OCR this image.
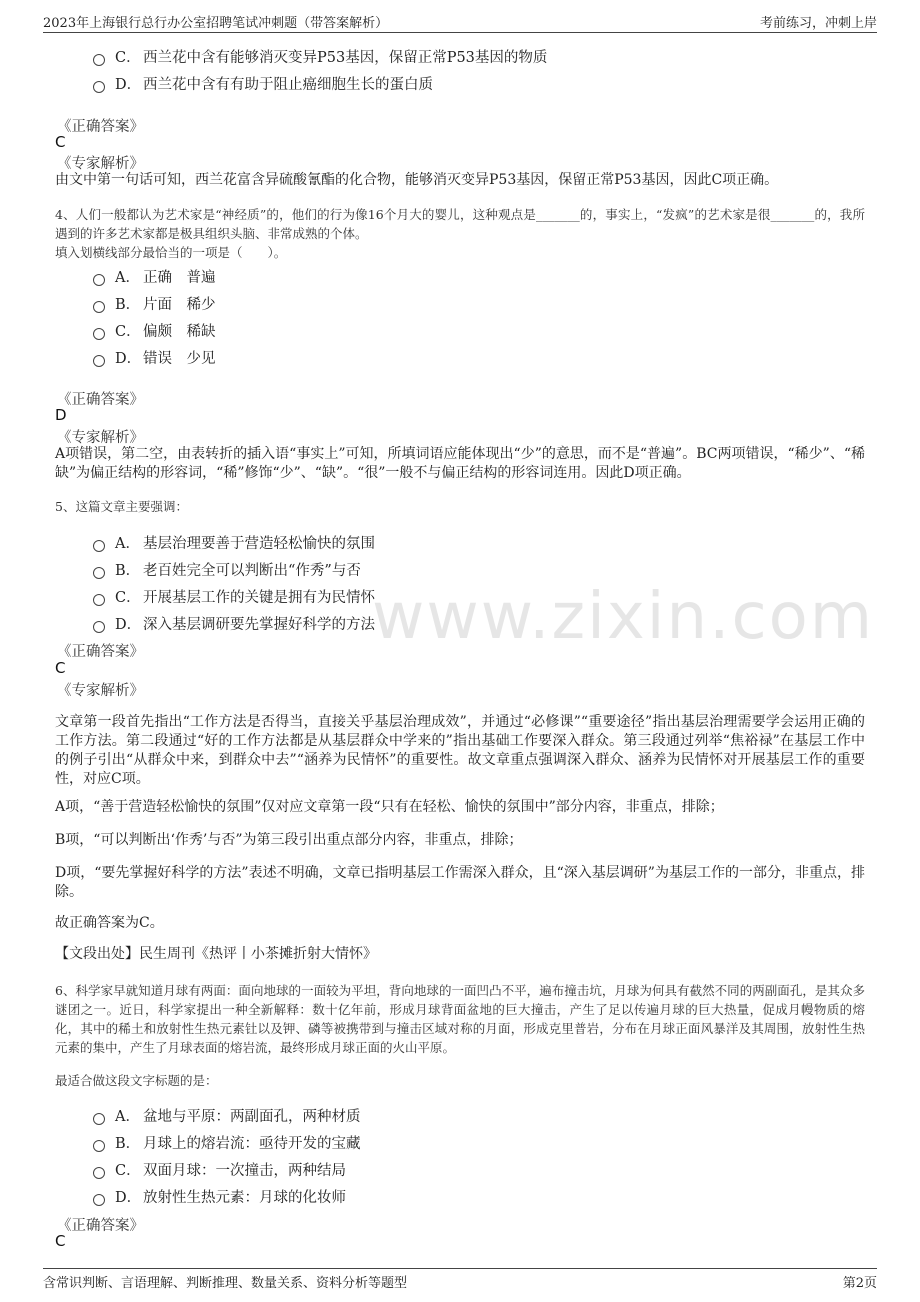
2023年上海银行总行办公室招聘笔试冲刺题（带答案解析）	考前练习，冲刺上岸
www.zixin.com
C． 西兰花中含有能够消灭变异P53基因，保留正常P53基因的物质
D． 西兰花中含有有助于阻止癌细胞生长的蛋白质
《正确答案》
C
《专家解析》
由文中第一句话可知，西兰花富含异硫酸氰酯的化合物，能够消灭变异P53基因，保留正常P53基因，因此C项正确。
4、人们一般都认为艺术家是“神经质”的，他们的行为像16个月大的婴儿，这种观点是_______的，事实上，“发疯”的艺术家是很_______的，我所遇到的许多艺术家都是极具组织头脑、非常成熟的个体。
填入划横线部分最恰当的一项是（　　）。
A． 正确　普遍
B． 片面　稀少
C． 偏颇　稀缺
D． 错误　少见
《正确答案》
D
《专家解析》
A项错误，第二空，由表转折的插入语“事实上”可知，所填词语应能体现出“少”的意思，而不是“普遍”。BC两项错误，“稀少”、“稀缺”为偏正结构的形容词，“稀”修饰“少”、“缺”。“很”一般不与偏正结构的形容词连用。因此D项正确。
5、这篇文章主要强调：
A． 基层治理要善于营造轻松愉快的氛围
B． 老百姓完全可以判断出“作秀”与否
C． 开展基层工作的关键是拥有为民情怀
D． 深入基层调研要先掌握好科学的方法
《正确答案》
C
《专家解析》
文章第一段首先指出“工作方法是否得当，直接关乎基层治理成效”，并通过“必修课”“重要途径”指出基层治理需要学会运用正确的工作方法。第二段通过“好的工作方法都是从基层群众中学来的”指出基础工作要深入群众。第三段通过列举“焦裕禄”在基层工作中的例子引出“从群众中来，到群众中去”“涵养为民情怀”的重要性。故文章重点强调深入群众、涵养为民情怀对开展基层工作的重要性，对应C项。
A项，“善于营造轻松愉快的氛围”仅对应文章第一段“只有在轻松、愉快的氛围中”部分内容，非重点，排除；
B项，“可以判断出‘作秀’与否”为第三段引出重点部分内容，非重点，排除；
D项，“要先掌握好科学的方法”表述不明确，文章已指明基层工作需深入群众，且“深入基层调研”为基层工作的一部分，非重点，排除。
故正确答案为C。
【文段出处】民生周刊《热评丨小茶摊折射大情怀》
6、科学家早就知道月球有两面：面向地球的一面较为平坦，背向地球的一面凹凸不平，遍布撞击坑，月球为何具有截然不同的两副面孔，是其众多谜团之一。近日，科学家提出一种全新解释：数十亿年前，形成月球背面盆地的巨大撞击，产生了足以传遍月球的巨大热量，促成月幔物质的熔化，其中的稀土和放射性生热元素钍以及钾、磷等被携带到与撞击区域对称的月面，形成克里普岩，分布在月球正面风暴洋及其周围，放射性生热元素的集中，产生了月球表面的熔岩流，最终形成月球正面的火山平原。
最适合做这段文字标题的是：
A． 盆地与平原：两副面孔，两种材质
B． 月球上的熔岩流：亟待开发的宝藏
C． 双面月球：一次撞击，两种结局
D． 放射性生热元素：月球的化妆师
《正确答案》
C
含常识判断、言语理解、判断推理、数量关系、资料分析等题型	第2页
